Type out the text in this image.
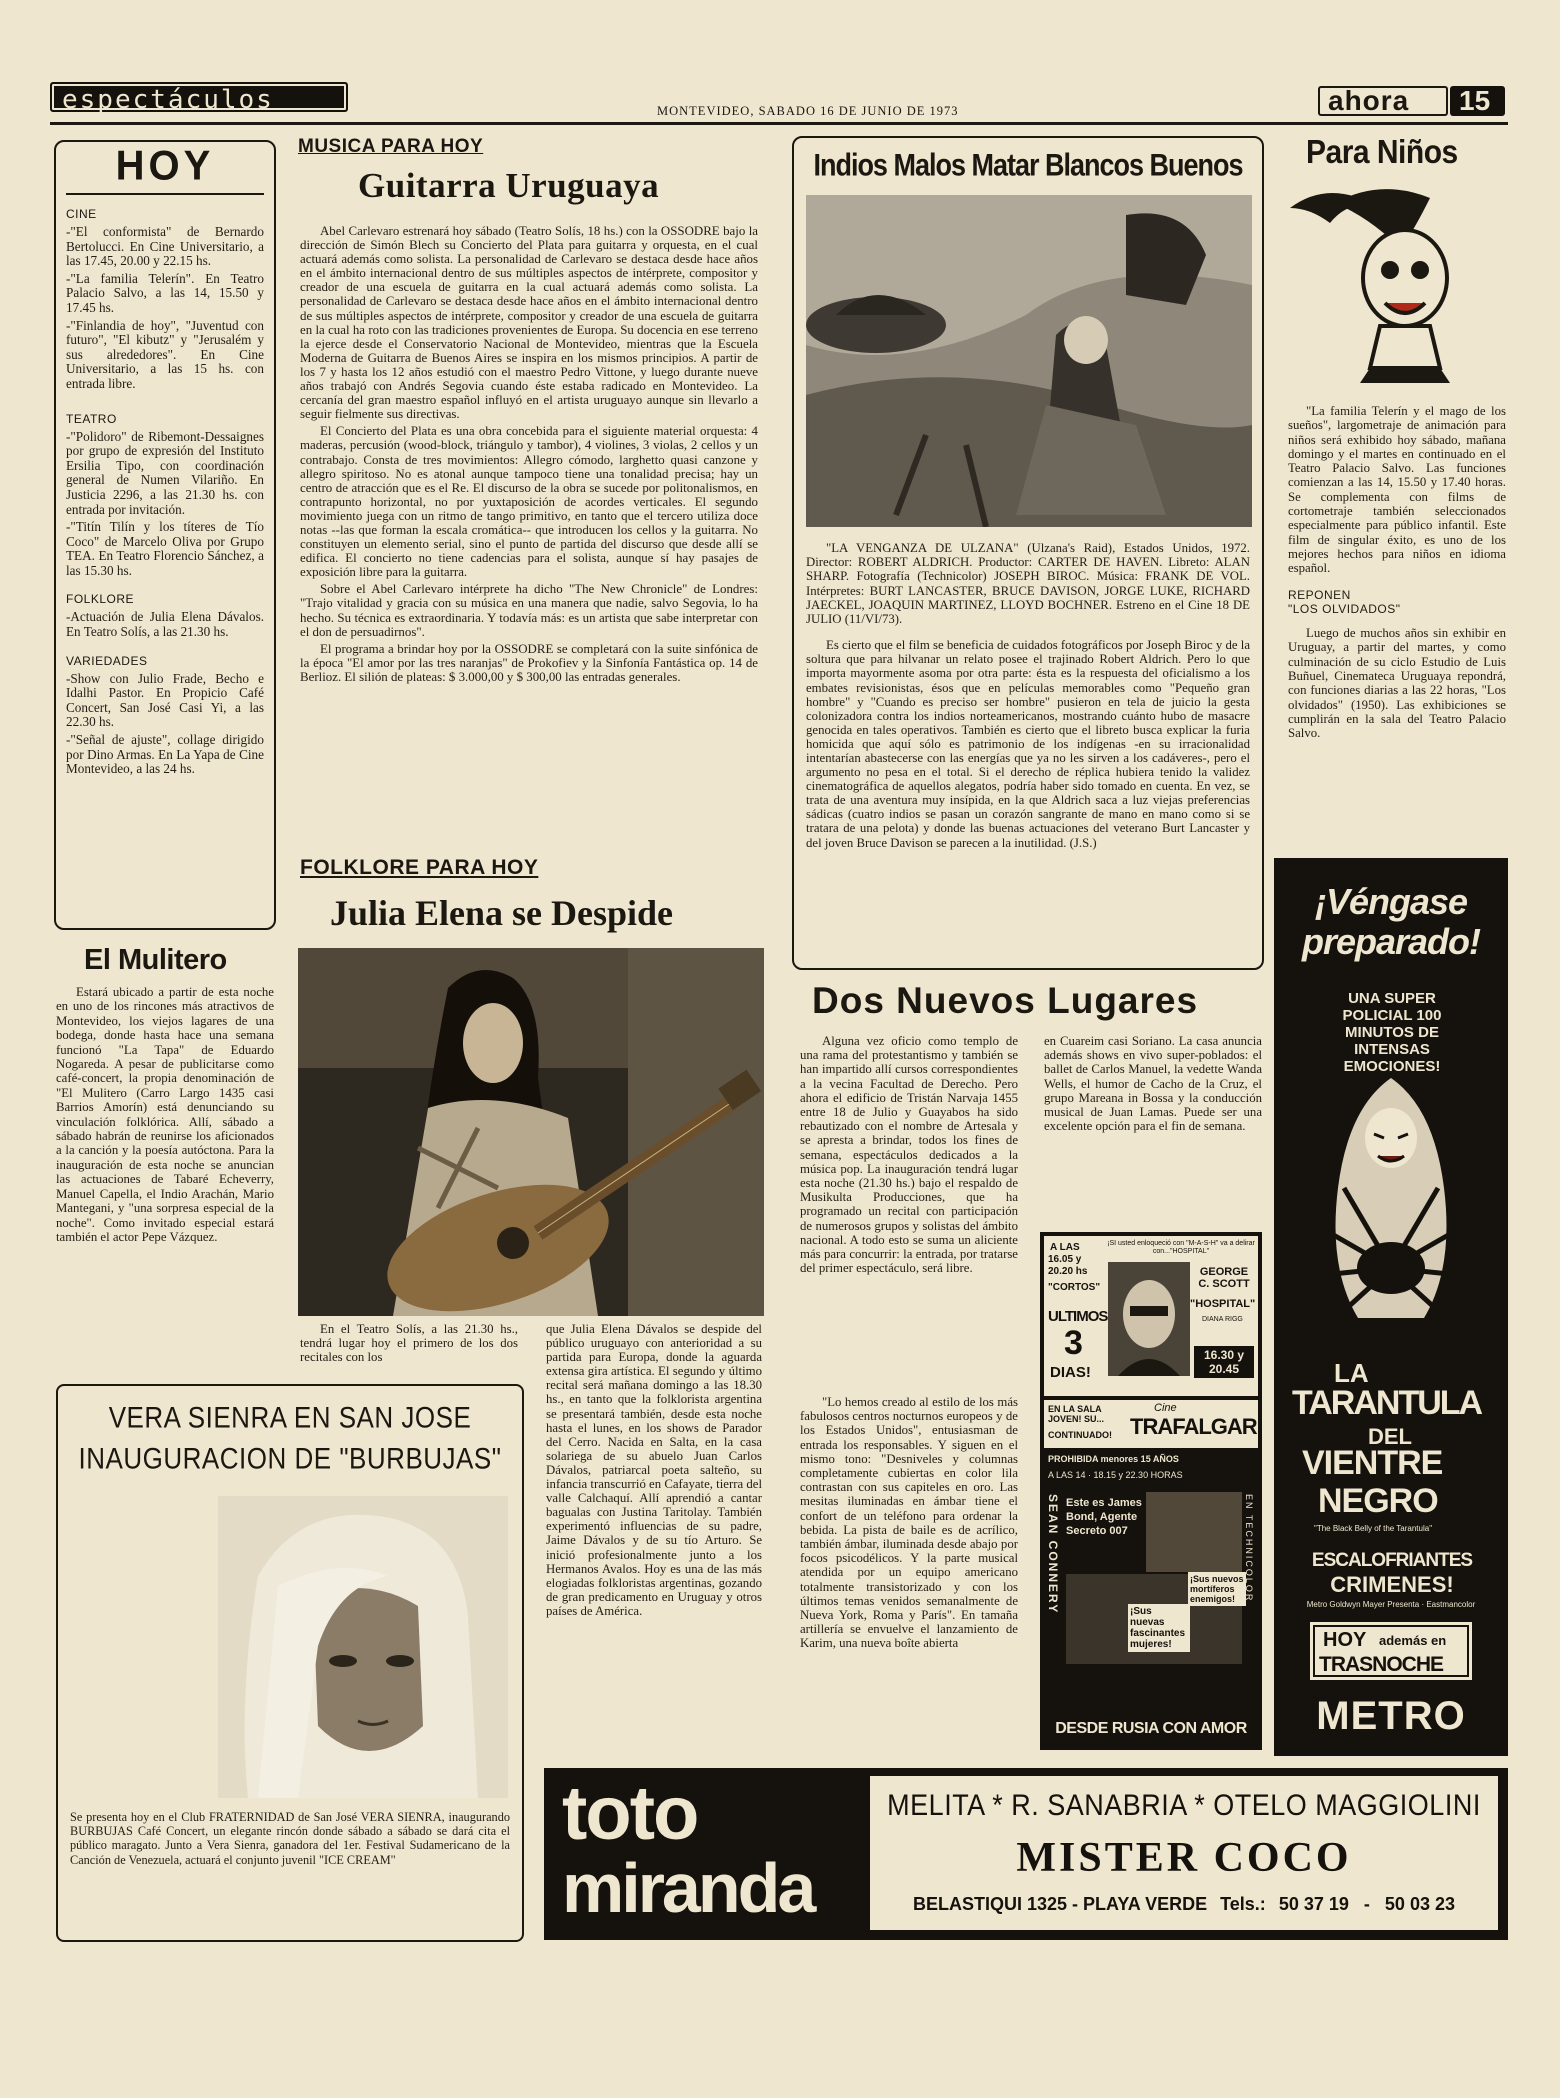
espectáculos	MONTEVIDEO, SABADO 16 DE JUNIO DE 1973	ahora 15
HOY
CINE

-"El conformista" de Bernardo Bertolucci. En Cine Universitario, a las 17.45, 20.00 y 22.15 hs.

-"La familia Telerín". En Teatro Palacio Salvo, a las 14, 15.50 y 17.45 hs.

-"Finlandia de hoy", "Juventud con futuro", "El kibutz" y "Jerusalém y sus alrededores". En Cine Universitario, a las 15 hs. con entrada libre.

TEATRO

-"Polidoro" de Ribemont-Dessaignes por grupo de expresión del Instituto Ersilia Tipo, con coordinación general de Numen Vilariño. En Justicia 2296, a las 21.30 hs. con entrada por invitación.

-"Titín Tilín y los títeres de Tío Coco" de Marcelo Oliva por Grupo TEA. En Teatro Florencio Sánchez, a las 15.30 hs.

FOLKLORE

-Actuación de Julia Elena Dávalos. En Teatro Solís, a las 21.30 hs.

VARIEDADES

-Show con Julio Frade, Becho e Idalhi Pastor. En Propicio Café Concert, San José Casi Yi, a las 22.30 hs.

-"Señal de ajuste", collage dirigido por Dino Armas. En La Yapa de Cine Montevideo, a las 24 hs.

El Mulitero
Estará ubicado a partir de esta noche en uno de los rincones más atractivos de Montevideo, los viejos lagares de una bodega, donde hasta hace una semana funcionó "La Tapa" de Eduardo Nogareda. A pesar de publicitarse como café-concert, la propia denominación de "El Mulitero (Carro Largo 1435 casi Barrios Amorín) está denunciando su vinculación folklórica. Allí, sábado a sábado habrán de reunirse los aficionados a la canción y la poesía autóctona. Para la inauguración de esta noche se anuncian las actuaciones de Tabaré Echeverry, Manuel Capella, el Indio Arachán, Mario Mantegani, y "una sorpresa especial de la noche". Como invitado especial estará también el actor Pepe Vázquez.
MUSICA PARA HOY
Guitarra Uruguaya

Abel Carlevaro estrenará hoy sábado (Teatro Solís, 18 hs.) con la OSSODRE bajo la dirección de Simón Blech su Concierto del Plata para guitarra y orquesta, en el cual actuará además como solista. La personalidad de Carlevaro se destaca desde hace años en el ámbito internacional dentro de sus múltiples aspectos de intérprete, compositor y creador de una escuela de guitarra en la cual actuará además como solista. La personalidad de Carlevaro se destaca desde hace años en el ámbito internacional dentro de sus múltiples aspectos de intérprete, compositor y creador de una escuela de guitarra en la cual ha roto con las tradiciones provenientes de Europa. Su docencia en ese terreno la ejerce desde el Conservatorio Nacional de Montevideo, mientras que la Escuela Moderna de Guitarra de Buenos Aires se inspira en los mismos principios. A partir de los 7 y hasta los 12 años estudió con el maestro Pedro Vittone, y luego durante nueve años trabajó con Andrés Segovia cuando éste estaba radicado en Montevideo. La cercanía del gran maestro español influyó en el artista uruguayo aunque sin llevarlo a seguir fielmente sus directivas.

El Concierto del Plata es una obra concebida para el siguiente material orquesta: 4 maderas, percusión (wood-block, triángulo y tambor), 4 violines, 3 violas, 2 cellos y un contrabajo. Consta de tres movimientos: Allegro cómodo, larghetto quasi canzone y allegro spiritoso. No es atonal aunque tampoco tiene una tonalidad precisa; hay un centro de atracción que es el Re. El discurso de la obra se sucede por politonalismos, en contrapunto horizontal, no por yuxtaposición de acordes verticales. El segundo movimiento juega con un ritmo de tango primitivo, en tanto que el tercero utiliza doce notas --las que forman la escala cromática-- que introducen los cellos y la guitarra. No constituyen un elemento serial, sino el punto de partida del discurso que desde allí se edifica. El concierto no tiene cadencias para el solista, aunque sí hay pasajes de exposición libre para la guitarra.

Sobre el Abel Carlevaro intérprete ha dicho "The New Chronicle" de Londres: "Trajo vitalidad y gracia con su música en una manera que nadie, salvo Segovia, lo ha hecho. Su técnica es extraordinaria. Y todavía más: es un artista que sabe interpretar con el don de persuadirnos".

El programa a brindar hoy por la OSSODRE se completará con la suite sinfónica de la época "El amor por las tres naranjas" de Prokofiev y la Sinfonía Fantástica op. 14 de Berlioz. El silión de plateas: $ 3.000,00 y $ 300,00 las entradas generales.

FOLKLORE PARA HOY
Julia Elena se Despide
En el Teatro Solís, a las 21.30 hs., tendrá lugar hoy el primero de los dos recitales con los
que Julia Elena Dávalos se despide del público uruguayo con anterioridad a su partida para Europa, donde la aguarda extensa gira artística. El segundo y último recital será mañana domingo a las 18.30 hs., en tanto que la folklorista argentina se presentará también, desde esta noche hasta el lunes, en los shows de Parador del Cerro. Nacida en Salta, en la casa solariega de su abuelo Juan Carlos Dávalos, patriarcal poeta salteño, su infancia transcurrió en Cafayate, tierra del valle Calchaquí. Allí aprendió a cantar bagualas con Justina Taritolay. También experimentó influencias de su padre, Jaime Dávalos y de su tío Arturo. Se inició profesionalmente junto a los Hermanos Avalos. Hoy es una de las más elogiadas folkloristas argentinas, gozando de gran predicamento en Uruguay y otros países de América.
VERA SIENRA EN SAN JOSE
INAUGURACION DE "BURBUJAS"
Se presenta hoy en el Club FRATERNIDAD de San José VERA SIENRA, inaugurando BURBUJAS Café Concert, un elegante rincón donde sábado a sábado se dará cita el público maragato. Junto a Vera Sienra, ganadora del 1er. Festival Sudamericano de la Canción de Venezuela, actuará el conjunto juvenil "ICE CREAM"
Indios Malos Matar Blancos Buenos
"LA VENGANZA DE ULZANA" (Ulzana's Raid), Estados Unidos, 1972. Director: ROBERT ALDRICH. Productor: CARTER DE HAVEN. Libreto: ALAN SHARP. Fotografía (Technicolor) JOSEPH BIROC. Música: FRANK DE VOL. Intérpretes: BURT LANCASTER, BRUCE DAVISON, JORGE LUKE, RICHARD JAECKEL, JOAQUIN MARTINEZ, LLOYD BOCHNER. Estreno en el Cine 18 DE JULIO (11/VI/73).
Es cierto que el film se beneficia de cuidados fotográficos por Joseph Biroc y de la soltura que para hilvanar un relato posee el trajinado Robert Aldrich. Pero lo que importa mayormente asoma por otra parte: ésta es la respuesta del oficialismo a los embates revisionistas, ésos que en películas memorables como "Pequeño gran hombre" y "Cuando es preciso ser hombre" pusieron en tela de juicio la gesta colonizadora contra los indios norteamericanos, mostrando cuánto hubo de masacre genocida en tales operativos. También es cierto que el libreto busca explicar la furia homicida que aquí sólo es patrimonio de los indígenas -en su irracionalidad intentarían abastecerse con las energías que ya no les sirven a los cadáveres-, pero el argumento no pesa en el total. Si el derecho de réplica hubiera tenido la validez cinematográfica de aquellos alegatos, podría haber sido tomado en cuenta. En vez, se trata de una aventura muy insípida, en la que Aldrich saca a luz viejas preferencias sádicas (cuatro indios se pasan un corazón sangrante de mano en mano como si se tratara de una pelota) y donde las buenas actuaciones del veterano Burt Lancaster y del joven Bruce Davison se parecen a la inutilidad. (J.S.)
Para Niños

"La familia Telerín y el mago de los sueños", largometraje de animación para niños será exhibido hoy sábado, mañana domingo y el martes en continuado en el Teatro Palacio Salvo. Las funciones comienzan a las 14, 15.50 y 17.40 horas. Se complementa con films de cortometraje también seleccionados especialmente para público infantil. Este film de singular éxito, es uno de los mejores hechos para niños en idioma español.

REPONEN

"LOS OLVIDADOS"

Luego de muchos años sin exhibir en Uruguay, a partir del martes, y como culminación de su ciclo Estudio de Luis Buñuel, Cinemateca Uruguaya repondrá, con funciones diarias a las 22 horas, "Los olvidados" (1950). Las exhibiciones se cumplirán en la sala del Teatro Palacio Salvo.

Dos Nuevos Lugares

Alguna vez oficio como templo de una rama del protestantismo y también se han impartido allí cursos correspondientes a la vecina Facultad de Derecho. Pero ahora el edificio de Tristán Narvaja 1455 entre 18 de Julio y Guayabos ha sido rebautizado con el nombre de Artesala y se apresta a brindar, todos los fines de semana, espectáculos dedicados a la música pop. La inauguración tendrá lugar esta noche (21.30 hs.) bajo el respaldo de Musikulta Producciones, que ha programado un recital con participación de numerosos grupos y solistas del ámbito nacional. A todo esto se suma un aliciente más para concurrir: la entrada, por tratarse del primer espectáculo, será libre.

en Cuareim casi Soriano. La casa anuncia además shows en vivo super-poblados: el ballet de Carlos Manuel, la vedette Wanda Wells, el humor de Cacho de la Cruz, el grupo Mareana in Bossa y la conducción musical de Juan Lamas. Puede ser una excelente opción para el fin de semana.
"Lo hemos creado al estilo de los más fabulosos centros nocturnos europeos y de los Estados Unidos", entusiasman de entrada los responsables. Y siguen en el mismo tono: "Desniveles y columnas completamente cubiertas en color lila contrastan con sus capiteles en oro. Las mesitas iluminadas en ámbar tiene el confort de un teléfono para ordenar la bebida. La pista de baile es de acrílico, también ámbar, iluminada desde abajo por focos psicodélicos. Y la parte musical atendida por un equipo americano totalmente transistorizado y con los últimos temas venidos semanalmente de Nueva York, Roma y París". En tamaña artillería se envuelve el lanzamiento de Karim, una nueva boîte abierta
A LAS
16.05 y 20.20 hs
"CORTOS"
ULTIMOS
3
DIAS!
¡SI usted enloqueció con "M-A-S-H" va a delirar con..."HOSPITAL"
GEORGE C. SCOTT
"HOSPITAL"
DIANA RIGG
16.30 y 20.45
EN LA SALA JOVEN! SU...
CONTINUADO!
Cine
TRAFALGAR
PROHIBIDA menores 15 AÑOS
A LAS 14 · 18.15 y 22.30 HORAS
SEAN CONNERY Este es James Bond, Agente Secreto 007
¡Sus nuevas fascinantes mujeres!
¡Sus nuevos mortíferos enemigos! EN TECHNICOLOR
DESDE RUSIA CON AMOR
¡Véngase preparado!
UNA SUPER POLICIAL 100 MINUTOS DE INTENSAS EMOCIONES!
LA
TARANTULA
DEL
VIENTRE
NEGRO
"The Black Belly of the Tarantula"
ESCALOFRIANTES
CRIMENES!
Metro Goldwyn Mayer Presenta · Eastmancolor
HOY además en
TRASNOCHE
METRO
toto
miranda
MELITA * R. SANABRIA * OTELO MAGGIOLINI
MISTER COCO
BELASTIQUI 1325 - PLAYA VERDE Tels.: 50 37 19 - 50 03 23
